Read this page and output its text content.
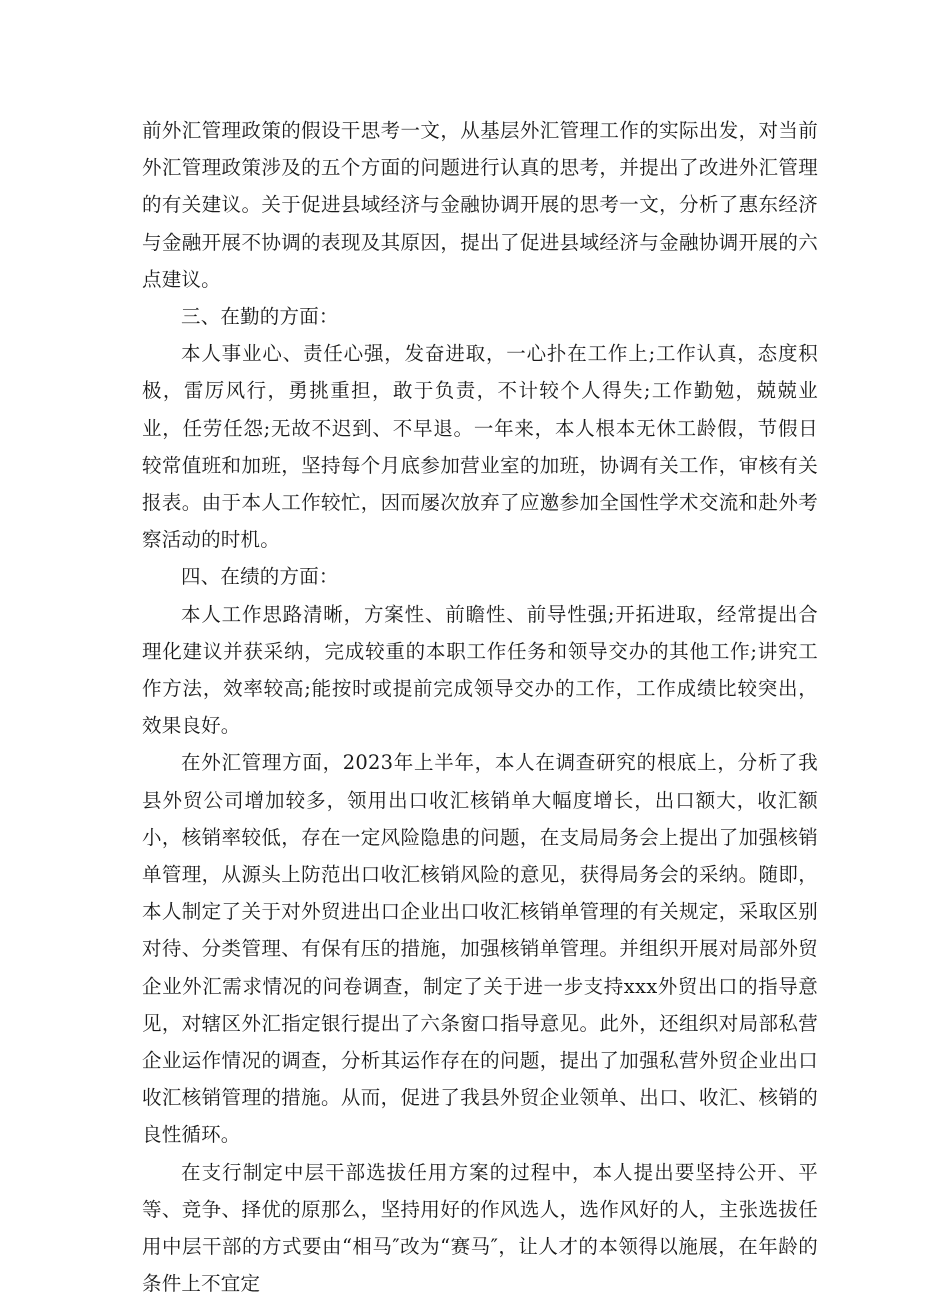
前外汇管理政策的假设干思考一文，从基层外汇管理工作的实际出发，对当前外汇管理政策涉及的五个方面的问题进行认真的思考，并提出了改进外汇管理的有关建议。关于促进县域经济与金融协调开展的思考一文，分析了惠东经济与金融开展不协调的表现及其原因，提出了促进县域经济与金融协调开展的六点建议。

三、在勤的方面：

本人事业心、责任心强，发奋进取，一心扑在工作上;工作认真，态度积极，雷厉风行，勇挑重担，敢于负责，不计较个人得失;工作勤勉，兢兢业业，任劳任怨;无故不迟到、不早退。一年来，本人根本无休工龄假，节假日较常值班和加班，坚持每个月底参加营业室的加班，协调有关工作，审核有关报表。由于本人工作较忙，因而屡次放弃了应邀参加全国性学术交流和赴外考察活动的时机。

四、在绩的方面：

本人工作思路清晰，方案性、前瞻性、前导性强;开拓进取，经常提出合理化建议并获采纳，完成较重的本职工作任务和领导交办的其他工作;讲究工作方法，效率较高;能按时或提前完成领导交办的工作，工作成绩比较突出，效果良好。

在外汇管理方面，2023年上半年，本人在调查研究的根底上，分析了我县外贸公司增加较多，领用出口收汇核销单大幅度增长，出口额大，收汇额小，核销率较低，存在一定风险隐患的问题，在支局局务会上提出了加强核销单管理，从源头上防范出口收汇核销风险的意见，获得局务会的采纳。随即，本人制定了关于对外贸进出口企业出口收汇核销单管理的有关规定，采取区别对待、分类管理、有保有压的措施，加强核销单管理。并组织开展对局部外贸企业外汇需求情况的问卷调查，制定了关于进一步支持xxx外贸出口的指导意见，对辖区外汇指定银行提出了六条窗口指导意见。此外，还组织对局部私营企业运作情况的调查，分析其运作存在的问题，提出了加强私营外贸企业出口收汇核销管理的措施。从而，促进了我县外贸企业领单、出口、收汇、核销的良性循环。

在支行制定中层干部选拔任用方案的过程中，本人提出要坚持公开、平等、竞争、择优的原那么，坚持用好的作风选人，选作风好的人，主张选拔任用中层干部的方式要由“相马″改为“赛马″，让人才的本领得以施展，在年龄的条件上不宜定
